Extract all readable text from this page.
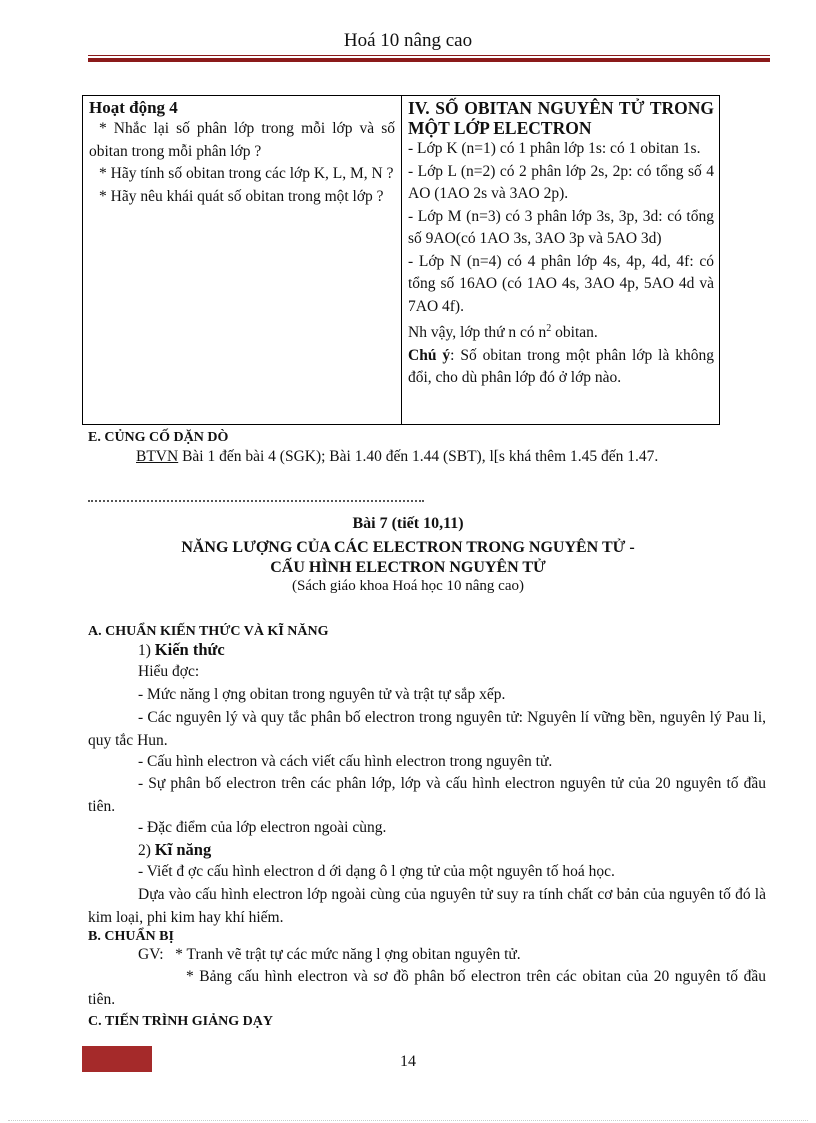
Hoá 10 nâng cao

Hoạt động 4

* Nhắc lại số phân lớp trong mỗi lớp và số obitan trong mỗi phân lớp ?

* Hãy tính số obitan trong các lớp K, L, M, N ?

* Hãy nêu khái quát số obitan trong một lớp ?

IV. SỐ OBITAN NGUYÊN TỬ TRONG MỘT LỚP ELECTRON

- Lớp K (n=1) có 1 phân lớp 1s: có 1 obitan 1s.

- Lớp L (n=2) có 2 phân lớp 2s, 2p: có tổng số 4 AO (1AO 2s và 3AO 2p).

- Lớp M (n=3) có 3 phân lớp 3s, 3p, 3d: có tổng số 9AO(có 1AO 3s, 3AO 3p và 5AO 3d)

- Lớp N (n=4) có 4 phân lớp 4s, 4p, 4d, 4f: có tổng số 16AO (có 1AO 4s, 3AO 4p, 5AO 4d và 7AO 4f).

Nh vậy, lớp thứ n có $n^2$ obitan.

Chú ý: Số obitan trong một phân lớp là không đổi, cho dù phân lớp đó ở lớp nào.

E. CỦNG CỐ DẶN DÒ
BTVN Bài 1 đến bài 4 (SGK); Bài 1.40 đến 1.44 (SBT), l[s khá thêm 1.45 đến 1.47.
Bài 7 (tiết 10,11)
NĂNG LƯỢNG CỦA CÁC ELECTRON TRONG NGUYÊN TỬ -
CẤU HÌNH ELECTRON NGUYÊN TỬ
(Sách giáo khoa Hoá học 10 nâng cao)
A. CHUẨN KIẾN THỨC VÀ KĨ NĂNG
1) Kiến thức
Hiểu đợc:
- Mức năng l ợng obitan trong nguyên tử và trật tự sắp xếp.
- Các nguyên lý và quy tắc phân bố electron trong nguyên tử: Nguyên lí vững bền, nguyên lý Pau li, quy tắc Hun.
- Cấu hình electron và cách viết cấu hình electron trong nguyên tử.
- Sự phân bố electron trên các phân lớp, lớp và cấu hình electron nguyên tử của 20 nguyên tố đầu tiên.
- Đặc điểm của lớp electron ngoài cùng.
2) Kĩ năng
- Viết đ ợc cấu hình electron d ới dạng ô l ợng tử của một nguyên tố hoá học.
Dựa vào cấu hình electron lớp ngoài cùng của nguyên tử suy ra tính chất cơ bản của nguyên tố đó là kim loại, phi kim hay khí hiếm.
B. CHUẨN BỊ
GV: * Tranh vẽ trật tự các mức năng l ợng obitan nguyên tử.
* Bảng cấu hình electron và sơ đồ phân bố electron trên các obitan của 20 nguyên tố đầu tiên.
C. TIẾN TRÌNH GIẢNG DẠY
14
